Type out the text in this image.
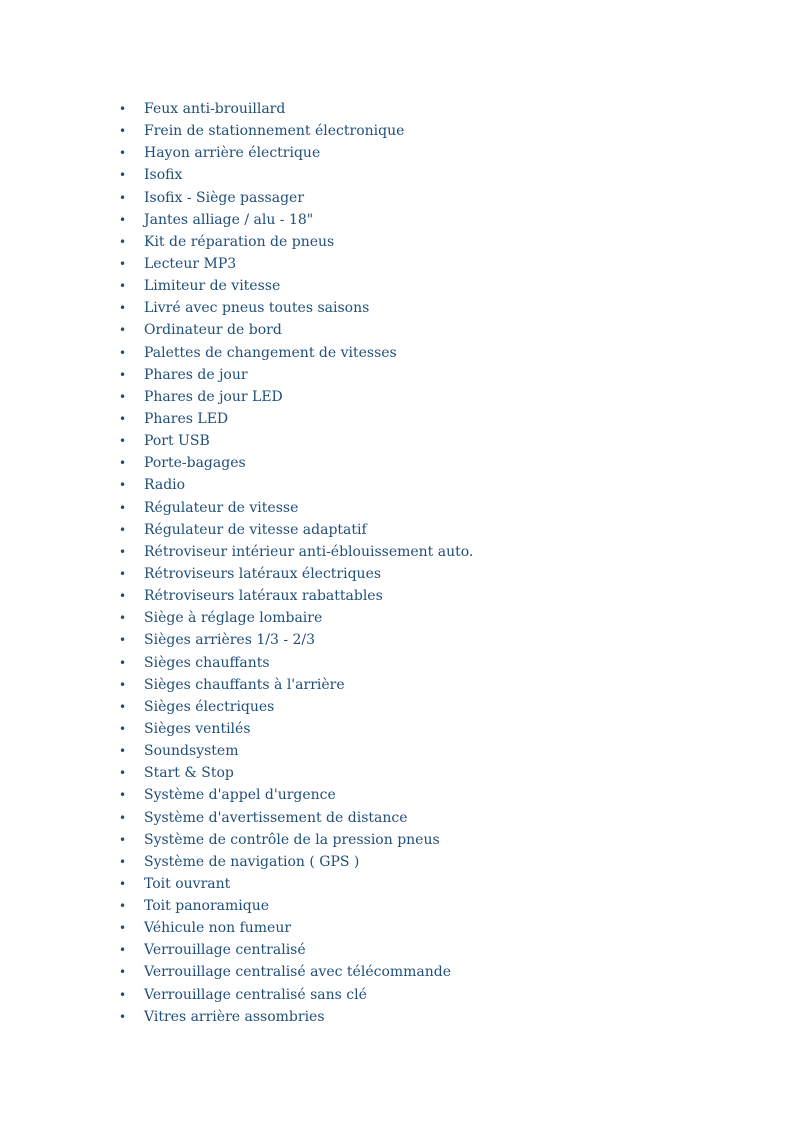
• Feux anti-brouillard
• Frein de stationnement électronique
• Hayon arrière électrique
• Isofix
• Isofix - Siège passager
• Jantes alliage / alu - 18"
• Kit de réparation de pneus
• Lecteur MP3
• Limiteur de vitesse
• Livré avec pneus toutes saisons
• Ordinateur de bord
• Palettes de changement de vitesses
• Phares de jour
• Phares de jour LED
• Phares LED
• Port USB
• Porte-bagages
• Radio
• Régulateur de vitesse
• Régulateur de vitesse adaptatif
• Rétroviseur intérieur anti-éblouissement auto.
• Rétroviseurs latéraux électriques
• Rétroviseurs latéraux rabattables
• Siège à réglage lombaire
• Sièges arrières 1/3 - 2/3
• Sièges chauffants
• Sièges chauffants à l'arrière
• Sièges électriques
• Sièges ventilés
• Soundsystem
• Start & Stop
• Système d'appel d'urgence
• Système d'avertissement de distance
• Système de contrôle de la pression pneus
• Système de navigation ( GPS )
• Toit ouvrant
• Toit panoramique
• Véhicule non fumeur
• Verrouillage centralisé
• Verrouillage centralisé avec télécommande
• Verrouillage centralisé sans clé
• Vitres arrière assombries
